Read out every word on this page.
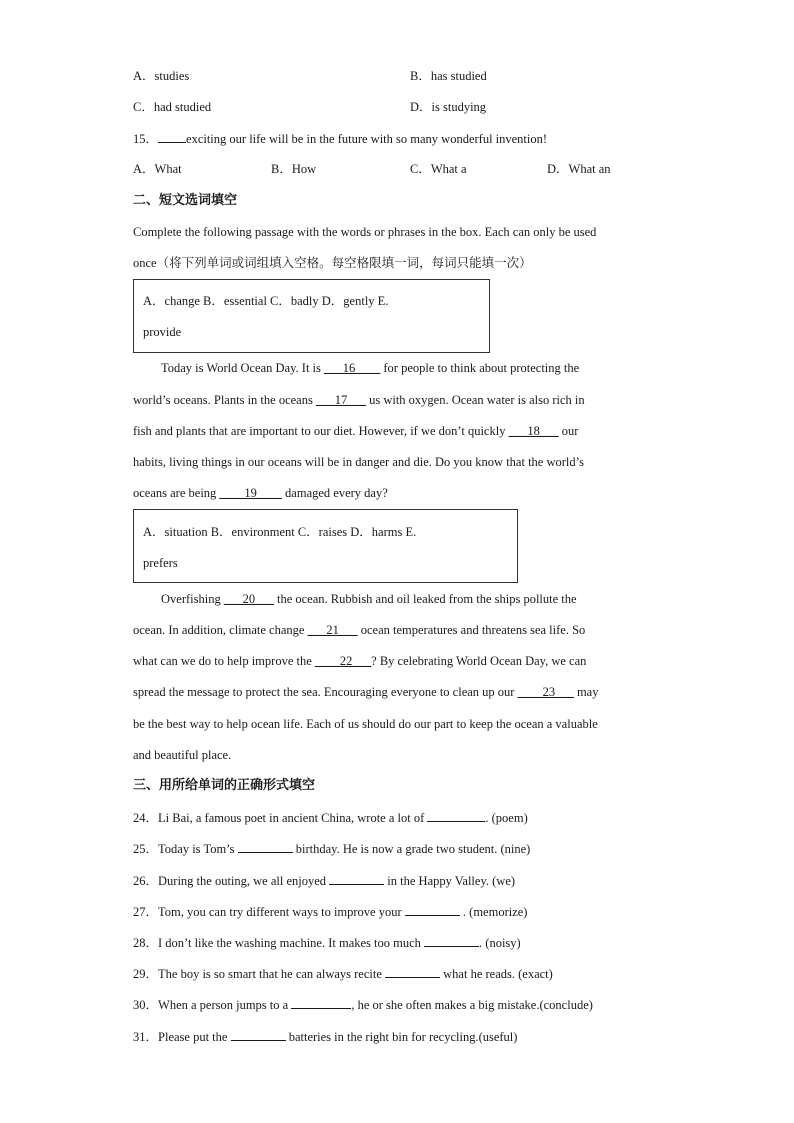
A．studies	B．has studied
C．had studied	D．is studying
15． exciting our life will be in the future with so many wonderful invention!
A．What	B．How	C．What a	D．What an
二、短文选词填空
Complete the following passage with the words or phrases in the box. Each can only be used
once（将下列单词或词组填入空格。每空格限填一词，每词只能填一次）
A．change B．essential C．badly D．gently E.
provide
Today is World Ocean Day. It is ___16____ for people to think about protecting the
world’s oceans. Plants in the oceans ___17___ us with oxygen. Ocean water is also rich in
fish and plants that are important to our diet. However, if we don’t quickly ___18___ our
habits, living things in our oceans will be in danger and die. Do you know that the world’s
oceans are being ____19____ damaged every day?
A．situation B．environment C．raises D．harms E.
prefers
Overfishing ___20___ the ocean. Rubbish and oil leaked from the ships pollute the
ocean. In addition, climate change ___21___ ocean temperatures and threatens sea life. So
what can we do to help improve the ____22___? By celebrating World Ocean Day, we can
spread the message to protect the sea. Encouraging everyone to clean up our ____23___ may
be the best way to help ocean life. Each of us should do our part to keep the ocean a valuable
and beautiful place.
三、用所给单词的正确形式填空
24．Li Bai, a famous poet in ancient China, wrote a lot of	. (poem)
25．Today is Tom’s	birthday. He is now a grade two student. (nine)
26．During the outing, we all enjoyed	in the Happy Valley. (we)
27．Tom, you can try different ways to improve your	. (memorize)
28．I don’t like the washing machine. It makes too much	. (noisy)
29．The boy is so smart that he can always recite	what he reads. (exact)
30．When a person jumps to a	, he or she often makes a big mistake.(conclude)
31．Please put the	batteries in the right bin for recycling.(useful)
